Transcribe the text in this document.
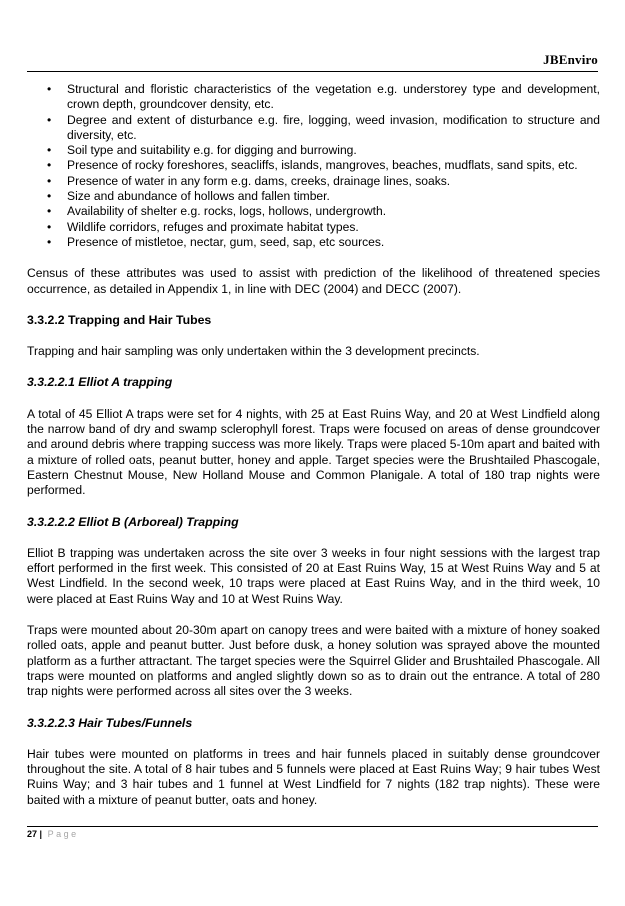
JBEnviro
• Structural and floristic characteristics of the vegetation e.g. understorey type and development, crown depth, groundcover density, etc.
• Degree and extent of disturbance e.g. fire, logging, weed invasion, modification to structure and diversity, etc.
• Soil type and suitability e.g. for digging and burrowing.
• Presence of rocky foreshores, seacliffs, islands, mangroves, beaches, mudflats, sand spits, etc.
• Presence of water in any form e.g. dams, creeks, drainage lines, soaks.
• Size and abundance of hollows and fallen timber.
• Availability of shelter e.g. rocks, logs, hollows, undergrowth.
• Wildlife corridors, refuges and proximate habitat types.
• Presence of mistletoe, nectar, gum, seed, sap, etc sources.

Census of these attributes was used to assist with prediction of the likelihood of threatened species occurrence, as detailed in Appendix 1, in line with DEC (2004) and DECC (2007).

3.3.2.2 Trapping and Hair Tubes

Trapping and hair sampling was only undertaken within the 3 development precincts.

3.3.2.2.1 Elliot A trapping

A total of 45 Elliot A traps were set for 4 nights, with 25 at East Ruins Way, and 20 at West Lindfield along the narrow band of dry and swamp sclerophyll forest. Traps were focused on areas of dense groundcover and around debris where trapping success was more likely. Traps were placed 5-10m apart and baited with a mixture of rolled oats, peanut butter, honey and apple. Target species were the Brushtailed Phascogale, Eastern Chestnut Mouse, New Holland Mouse and Common Planigale. A total of 180 trap nights were performed.

3.3.2.2.2 Elliot B (Arboreal) Trapping

Elliot B trapping was undertaken across the site over 3 weeks in four night sessions with the largest trap effort performed in the first week. This consisted of 20 at East Ruins Way, 15 at West Ruins Way and 5 at West Lindfield. In the second week, 10 traps were placed at East Ruins Way, and in the third week, 10 were placed at East Ruins Way and 10 at West Ruins Way.

Traps were mounted about 20-30m apart on canopy trees and were baited with a mixture of honey soaked rolled oats, apple and peanut butter. Just before dusk, a honey solution was sprayed above the mounted platform as a further attractant. The target species were the Squirrel Glider and Brushtailed Phascogale. All traps were mounted on platforms and angled slightly down so as to drain out the entrance. A total of 280 trap nights were performed across all sites over the 3 weeks.

3.3.2.2.3 Hair Tubes/Funnels

Hair tubes were mounted on platforms in trees and hair funnels placed in suitably dense groundcover throughout the site. A total of 8 hair tubes and 5 funnels were placed at East Ruins Way; 9 hair tubes West Ruins Way; and 3 hair tubes and 1 funnel at West Lindfield for 7 nights (182 trap nights). These were baited with a mixture of peanut butter, oats and honey.

27 | Page
